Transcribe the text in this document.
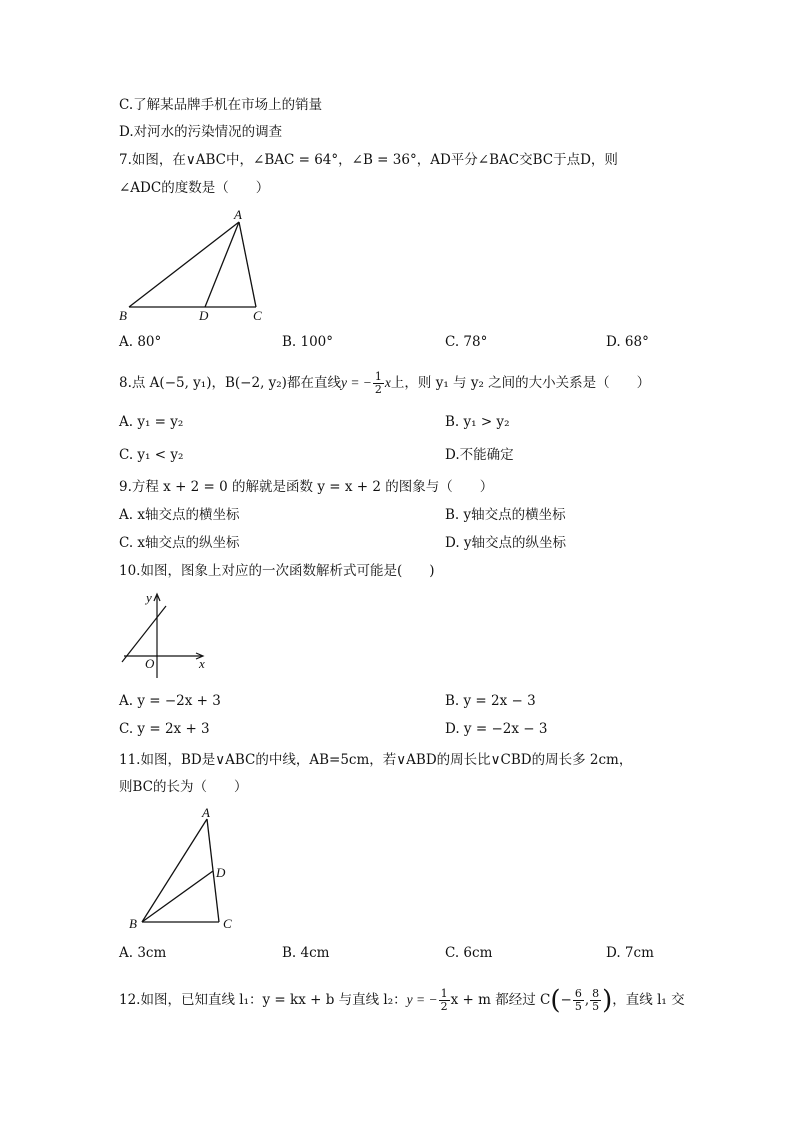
C.了解某品牌手机在市场上的销量
D.对河水的污染情况的调查
7.如图，在∨ABC中，∠BAC = 64°，∠B = 36°，AD平分∠BAC交BC于点D，则
∠ADC的度数是（　　）
A
B	D	C
A. 80°	B. 100°	C. 78°	D. 68°
8.点 A(−5, y₁)，B(−2, y₂)都在直线y = − $\frac{1}{2}$ x上，则 y₁ 与 y₂ 之间的大小关系是（　　）
A. y₁ = y₂	B. y₁ > y₂
C. y₁ < y₂	D.不能确定
9.方程 x + 2 = 0 的解就是函数 y = x + 2 的图象与（　　）
A. x轴交点的横坐标	B. y轴交点的横坐标
C. x轴交点的纵坐标	D. y轴交点的纵坐标
10.如图，图象上对应的一次函数解析式可能是(　　)
y
x
O
A. y = −2x + 3	B. y = 2x − 3
C. y = 2x + 3	D. y = −2x − 3
11.如图，BD是∨ABC的中线，AB=5cm，若∨ABD的周长比∨CBD的周长多 2cm，
则BC的长为（　　）
A
D
B	C
A. 3cm	B. 4cm	C. 6cm	D. 7cm
12.如图，已知直线 l₁：y = kx + b 与直线 l₂：y = − $\frac{1}{2}$ x + m 都经过 $C(- \frac{6}{5}$ , $\frac{8}{5}$ )，直线 l₁ 交
